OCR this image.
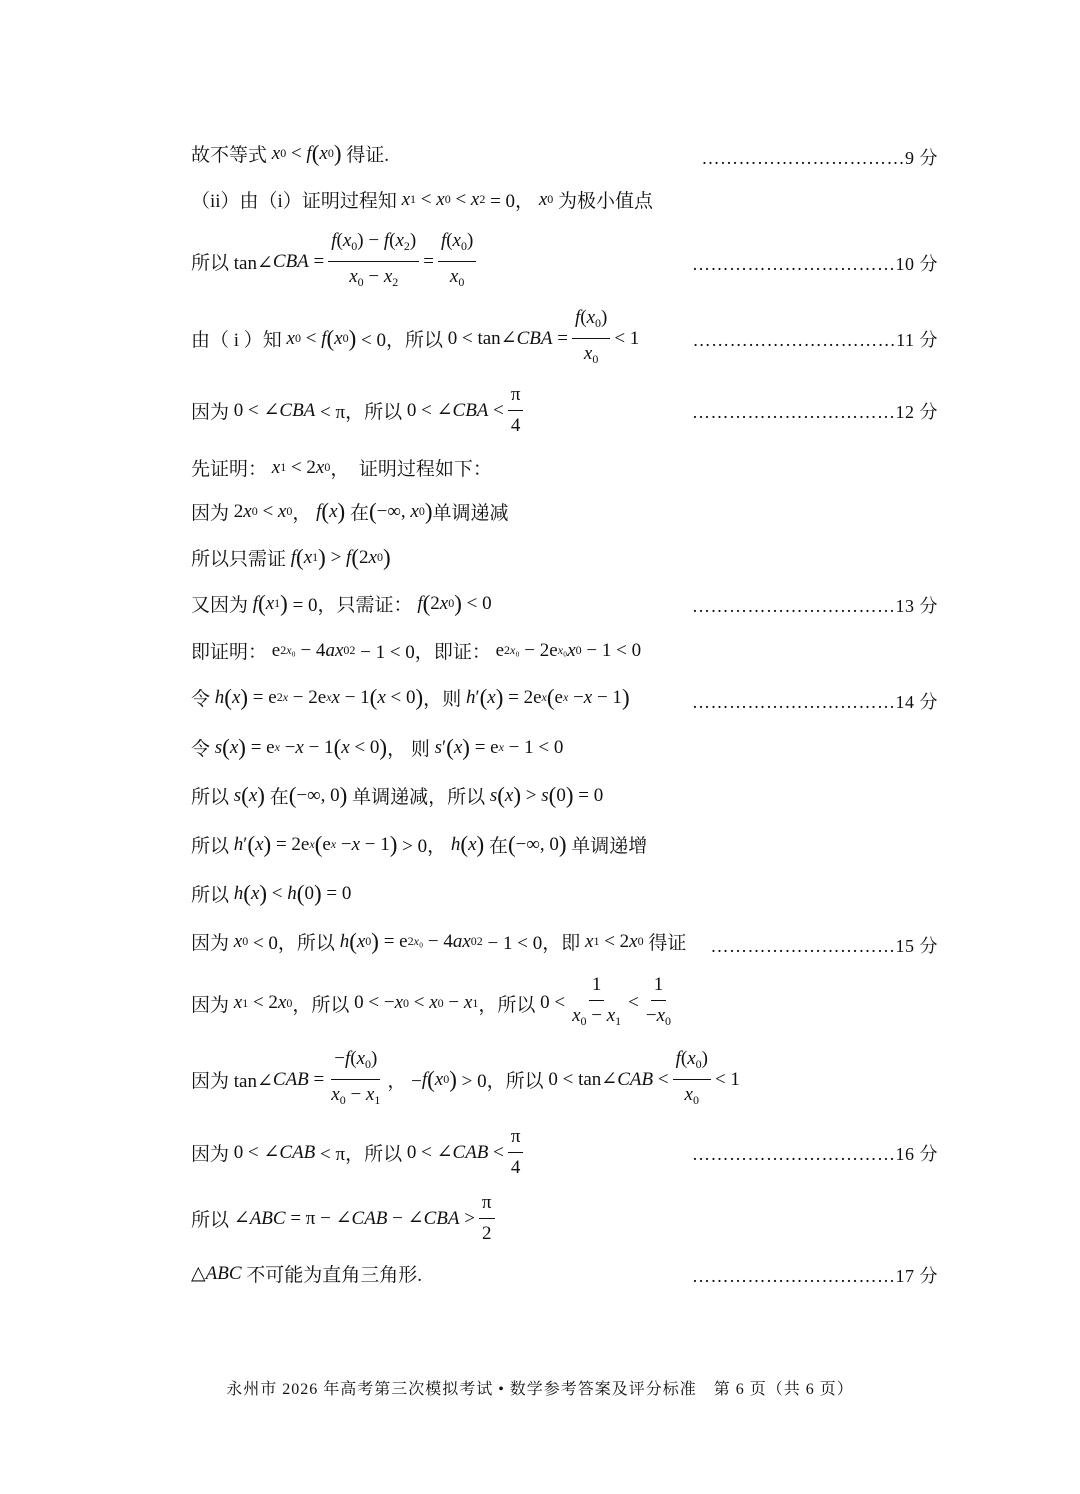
故不等式
x 0 < f ( x 0 )
得证.	……………………………9 分
（ii）由（i）证明过程知
x 1 < x 0 < x 2 = 0， x 0
为极小值点
所以 tan∠ CBA = $\frac{f(x_0) - f(x_2)}{x_0 - x_2} = \frac{f(x_0)}{x_0}$	……………………………10 分
由（ i ）知
x 0 < f ( x 0 ) < 0， 所以 0 < tan∠ CBA = $\frac{f(x_0)}{x_0} < 1$	……………………………11 分
因为 0 < ∠ CBA < π， 所以 0 < ∠ CBA < $\frac{\pi}{4}$	……………………………12 分
先证明：
x 1 < 2 x 0 ， 证明过程如下：
因为 2 x 0 < x 0 ， f ( x )
在 ( −∞, x 0 ) 单调递减
所以只需证
f ( x 1 ) > f ( 2 x 0 )
又因为
f ( x 1 ) = 0， 只需证：
f ( 2 x 0 ) < 0	……………………………13 分
即证明： e 2x₀ − 4 ax 0 2 − 1 < 0， 即证： e 2x₀ − 2e x₀ x 0 − 1 < 0
令
h ( x ) = e 2x − 2e x x − 1 ( x < 0 ) ， 则
h ′ ( x ) = 2e x ( e x − x − 1 )	……………………………14 分
令
s ( x ) = e x − x − 1 ( x < 0 ) ， 则
s ′ ( x ) = e x − 1 < 0
所以
s ( x )
在 ( −∞, 0 )
单调递减，所以
s ( x ) > s ( 0 ) = 0
所以
h ′ ( x ) = 2e x ( e x − x − 1 ) > 0， h ( x )
在 ( −∞, 0 )
单调递增
所以
h ( x ) < h ( 0 ) = 0
因为
x 0 < 0， 所以
h ( x 0 ) = e 2x₀ − 4 ax 0 2 − 1 < 0， 即
x 1 < 2 x 0
得证 …………………………15 分
因为
x 1 < 2 x 0 ， 所以 0 < − x 0 < x 0 − x 1 ， 所以 $0 < \frac{1}{x_0 - x_1} < \frac{1}{-x_0}$
因为 tan∠ CAB = $\frac{-f(x_0)}{x_0 - x_1}$ ， − f ( x 0 ) > 0， 所以 0 < tan∠ CAB < $\frac{f(x_0)}{x_0} < 1$
因为 0 < ∠ CAB < π， 所以 0 < ∠ CAB < $\frac{\pi}{4}$	……………………………16 分
所以 ∠ ABC = π − ∠ CAB − ∠ CBA > $\frac{\pi}{2}$
△ ABC
不可能为直角三角形.	……………………………17 分
永州市 2026 年高考第三次模拟考试 • 数学参考答案及评分标准　第 6 页（共 6 页）
